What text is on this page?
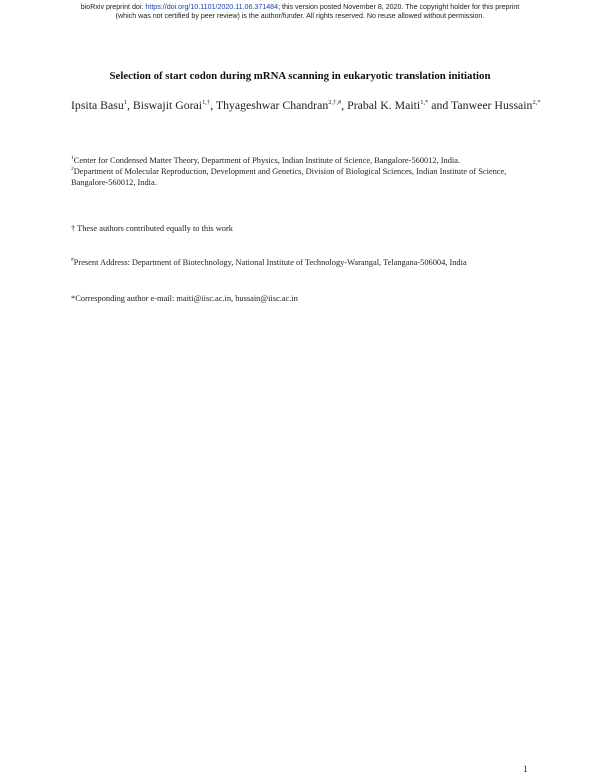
bioRxiv preprint doi: https://doi.org/10.1101/2020.11.06.371484; this version posted November 8, 2020. The copyright holder for this preprint
(which was not certified by peer review) is the author/funder. All rights reserved. No reuse allowed without permission.
Selection of start codon during mRNA scanning in eukaryotic translation initiation
Ipsita Basu$^1$, Biswajit Gorai$^{1,\dagger}$, Thyageshwar Chandran$^{2,\dagger,\#}$, Prabal K. Maiti$^{1,*}$ and Tanweer Hussain$^{2,*}$
$^1$Center for Condensed Matter Theory, Department of Physics, Indian Institute of Science, Bangalore-560012, India.
$^2$Department of Molecular Reproduction, Development and Genetics, Division of Biological Sciences, Indian Institute of Science, Bangalore-560012, India.
† These authors contributed equally to this work
#Present Address: Department of Biotechnology, National Institute of Technology-Warangal, Telangana-506004, India
*Corresponding author e-mail: maiti@iisc.ac.in, hussain@iisc.ac.in
1
